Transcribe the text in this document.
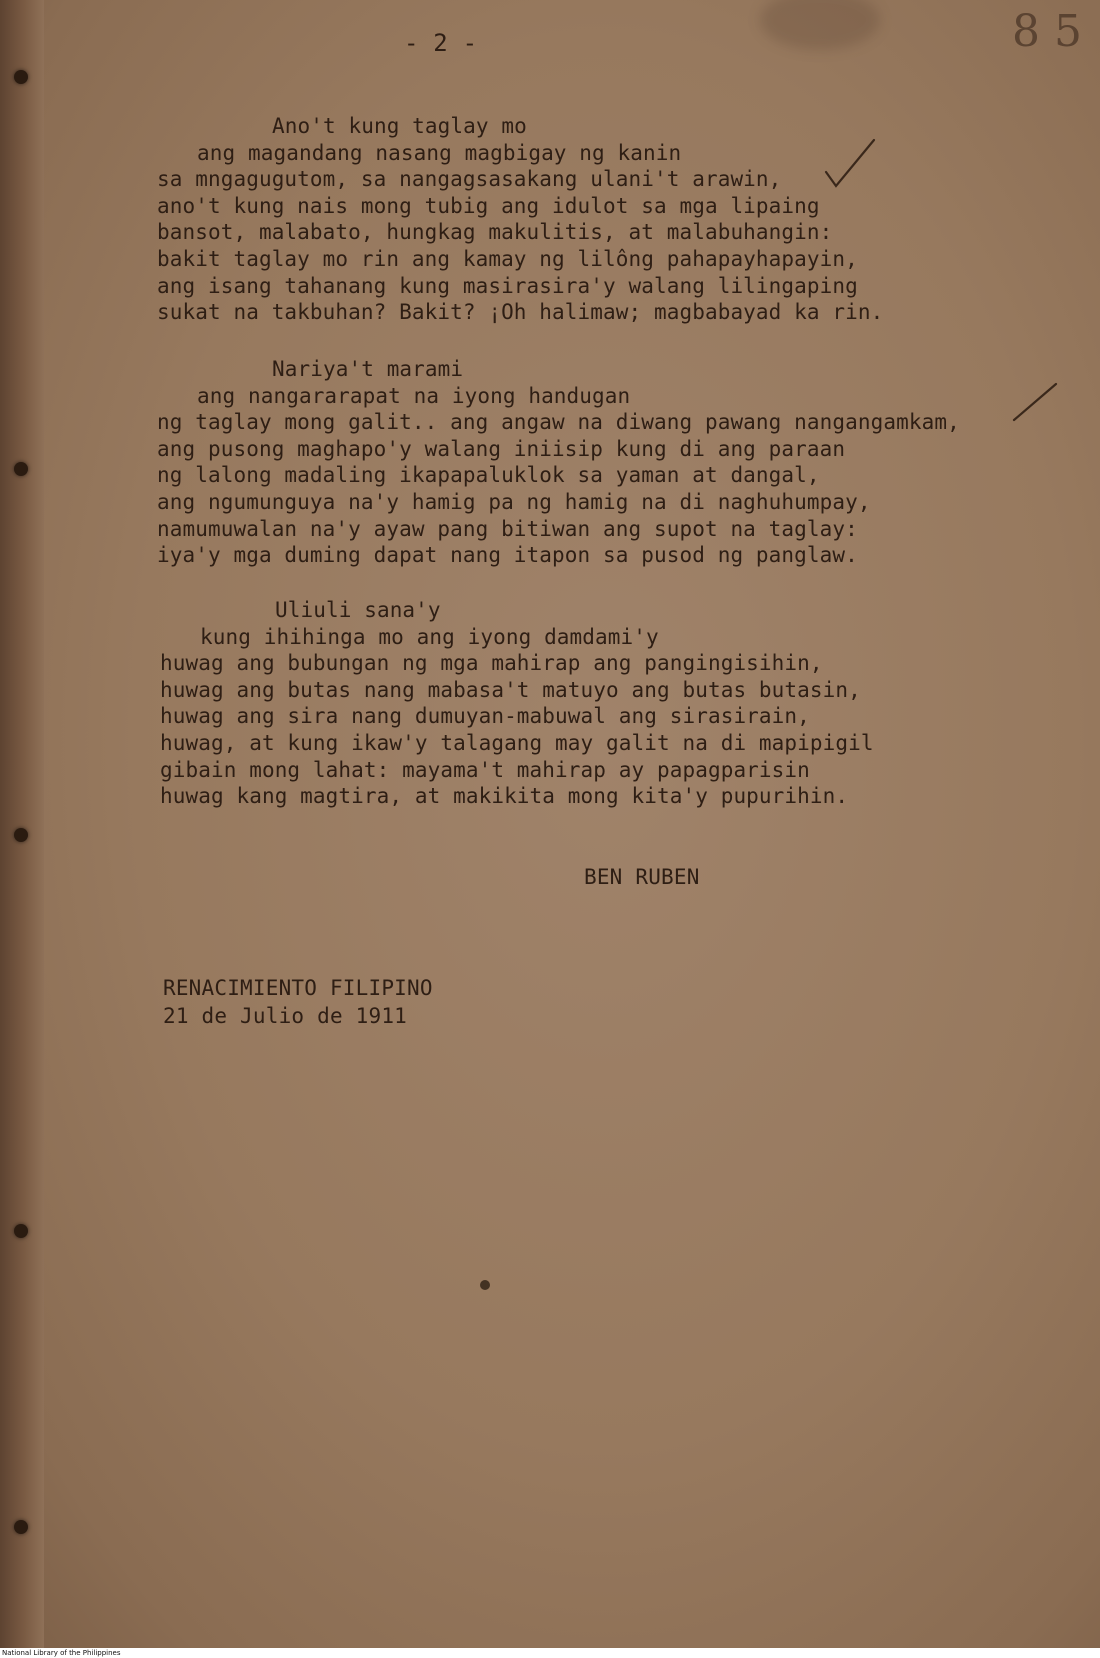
- 2 -	8 5
Ano't kung taglay mo
ang magandang nasang magbigay ng kanin
sa mngagugutom, sa nangagsasakang ulani't arawin,
ano't kung nais mong tubig ang idulot sa mga lipaing
bansot, malabato, hungkag makulitis, at malabuhangin:
bakit taglay mo rin ang kamay ng lilông pahapayhapayin,
ang isang tahanang kung masirasira'y walang lilingaping
sukat na takbuhan? Bakit? ¡Oh halimaw; magbabayad ka rin.
Nariya't marami
ang nangararapat na iyong handugan
ng taglay mong galit.. ang angaw na diwang pawang nangangamkam,
ang pusong maghapo'y walang iniisip kung di ang paraan
ng lalong madaling ikapapaluklok sa yaman at dangal,
ang ngumunguya na'y hamig pa ng hamig na di naghuhumpay,
namumuwalan na'y ayaw pang bitiwan ang supot na taglay:
iya'y mga duming dapat nang itapon sa pusod ng panglaw.
Uliuli sana'y
kung ihihinga mo ang iyong damdami'y
huwag ang bubungan ng mga mahirap ang pangingisihin,
huwag ang butas nang mabasa't matuyo ang butas butasin,
huwag ang sira nang dumuyan-mabuwal ang sirasirain,
huwag, at kung ikaw'y talagang may galit na di mapipigil
gibain mong lahat: mayama't mahirap ay papagparisin
huwag kang magtira, at makikita mong kita'y pupurihin.
BEN RUBEN
RENACIMIENTO FILIPINO
21 de Julio de 1911
National Library of the Philippines
